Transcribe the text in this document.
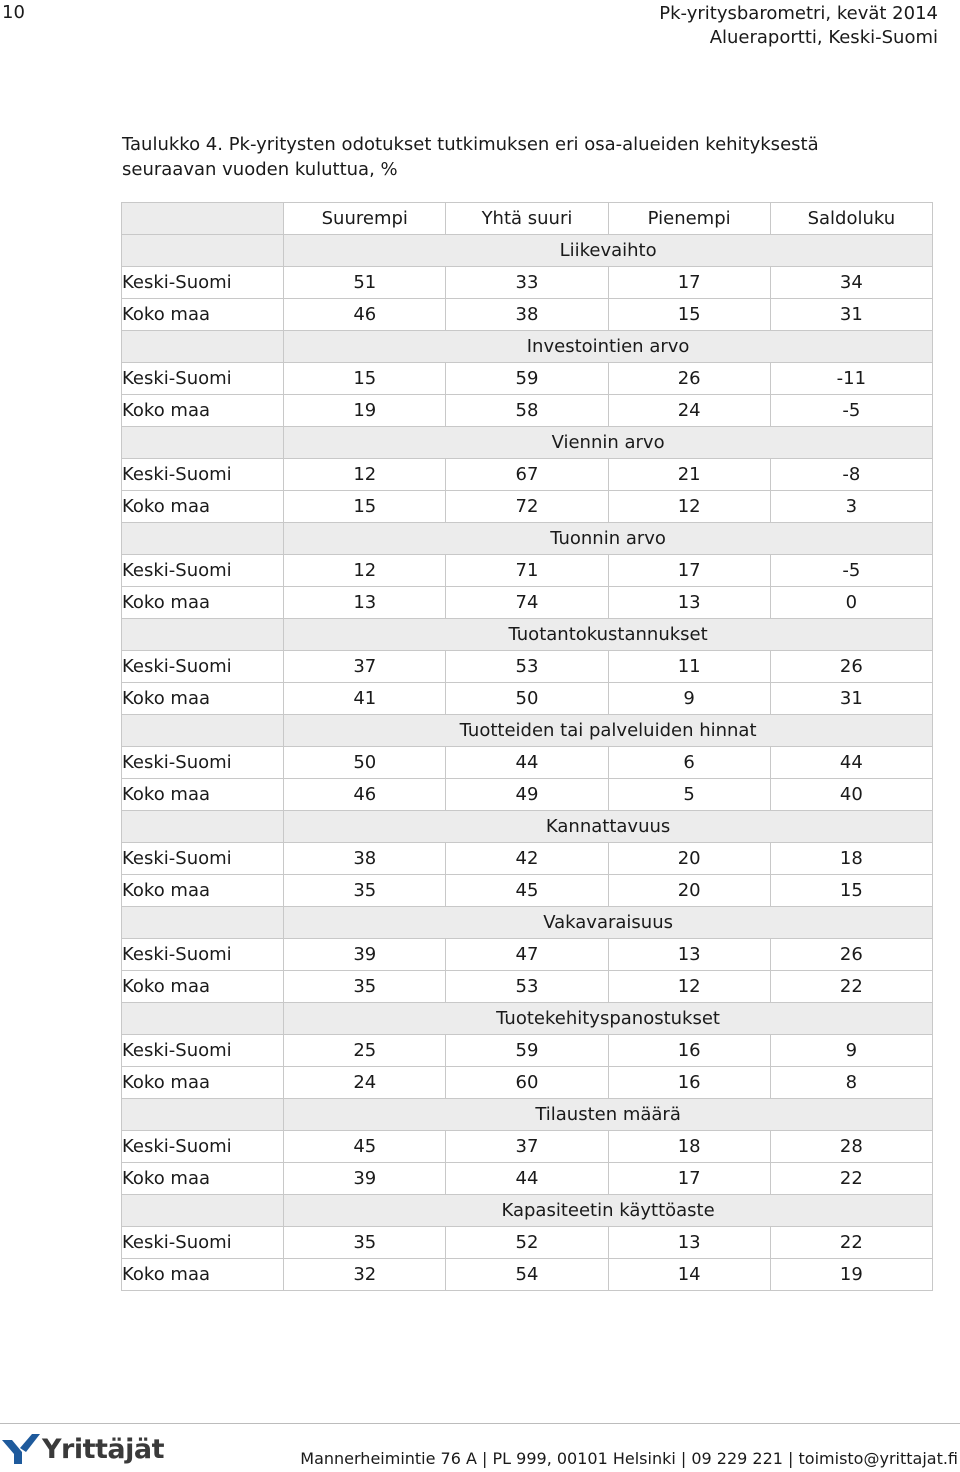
10	Pk-yritysbarometri, kevät 2014
Alueraportti, Keski-Suomi
Taulukko 4. Pk-yritysten odotukset tutkimuksen eri osa-alueiden kehityksestä
seuraavan vuoden kuluttua, %
	Suurempi	Yhtä suuri	Pienempi	Saldoluku
	Liikevaihto			
Keski-Suomi	51	33	17	34
Koko maa	46	38	15	31
	Investointien arvo			
Keski-Suomi	15	59	26	-11
Koko maa	19	58	24	-5
	Viennin arvo			
Keski-Suomi	12	67	21	-8
Koko maa	15	72	12	3
	Tuonnin arvo			
Keski-Suomi	12	71	17	-5
Koko maa	13	74	13	0
	Tuotantokustannukset			
Keski-Suomi	37	53	11	26
Koko maa	41	50	9	31
	Tuotteiden tai palveluiden hinnat			
Keski-Suomi	50	44	6	44
Koko maa	46	49	5	40
	Kannattavuus			
Keski-Suomi	38	42	20	18
Koko maa	35	45	20	15
	Vakavaraisuus			
Keski-Suomi	39	47	13	26
Koko maa	35	53	12	22
	Tuotekehityspanostukset			
Keski-Suomi	25	59	16	9
Koko maa	24	60	16	8
	Tilausten määrä			
Keski-Suomi	45	37	18	28
Koko maa	39	44	17	22
	Kapasiteetin käyttöaste			
Keski-Suomi	35	52	13	22
Koko maa	32	54	14	19
Yrittäjät	Mannerheimintie 76 A | PL 999, 00101 Helsinki | 09 229 221 | toimisto@yrittajat.fi
